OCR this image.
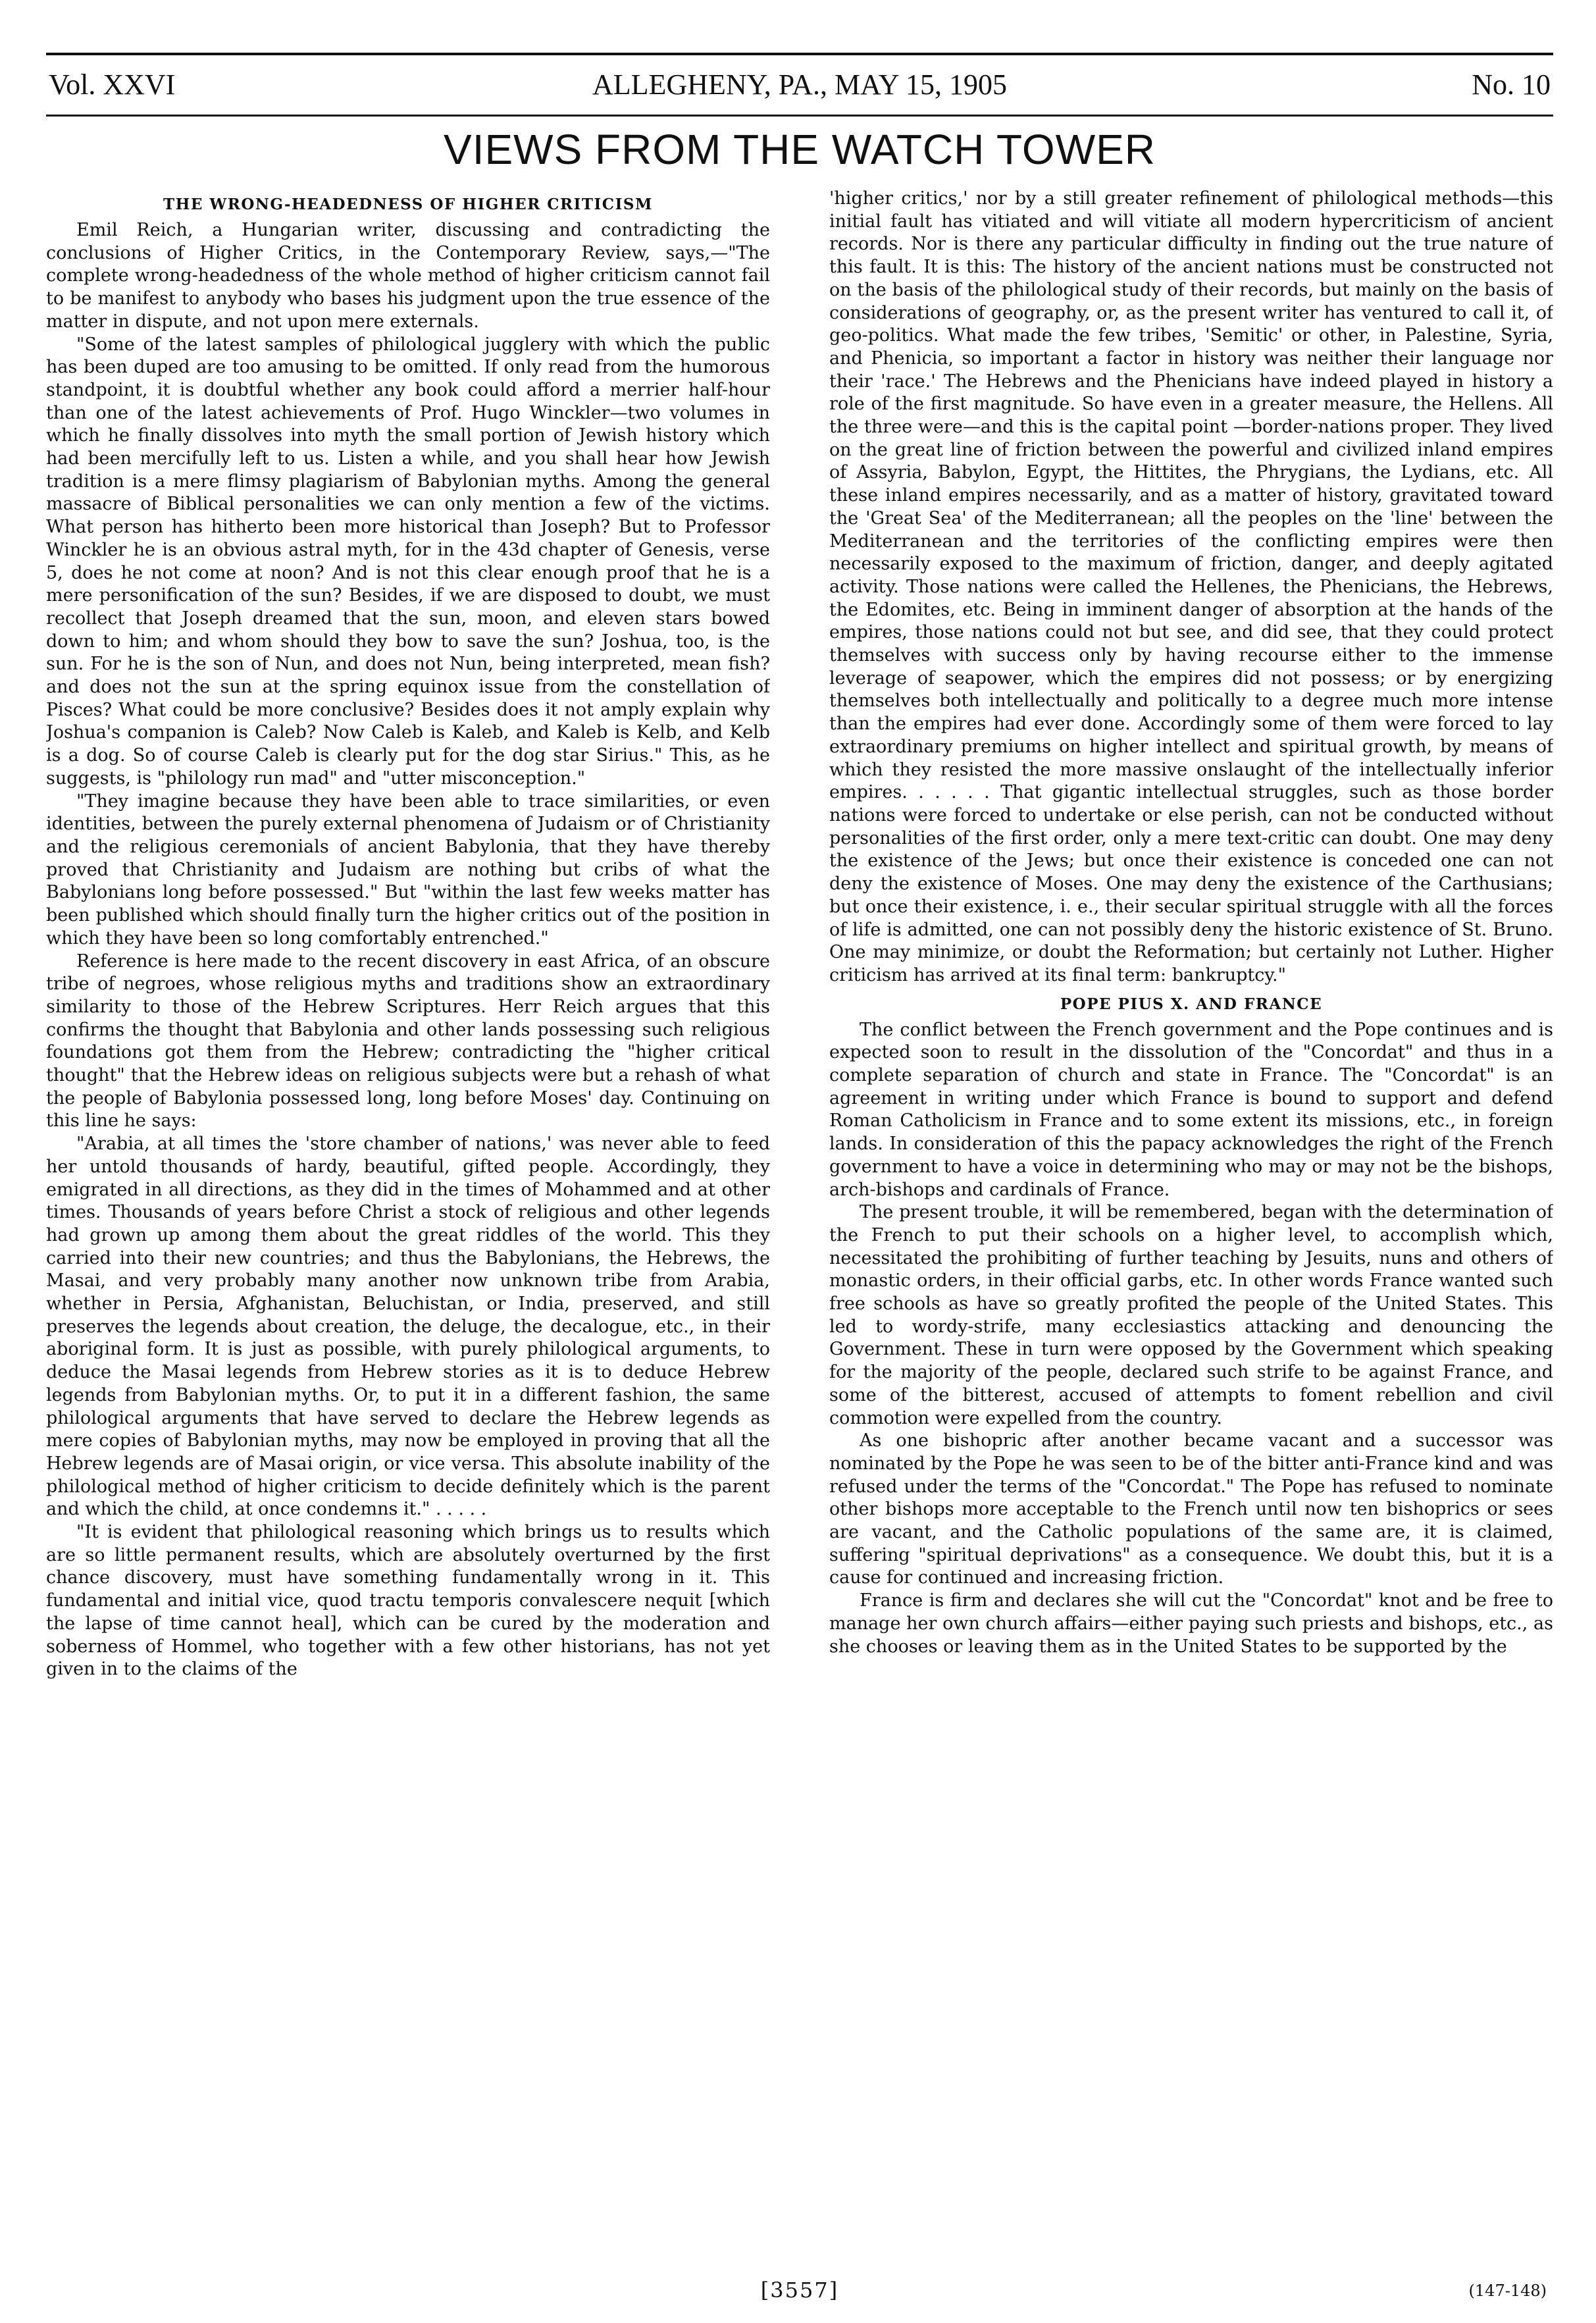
Vol. XXVI	ALLEGHENY, PA., MAY 15, 1905	No. 10
VIEWS FROM THE WATCH TOWER
THE WRONG-HEADEDNESS OF HIGHER CRITICISM

Emil Reich, a Hungarian writer, discussing and contradicting the conclusions of Higher Critics, in the Contemporary Review, says,—"The complete wrong-headedness of the whole method of higher criticism cannot fail to be manifest to anybody who bases his judgment upon the true essence of the matter in dispute, and not upon mere externals.

"Some of the latest samples of philological jugglery with which the public has been duped are too amusing to be omitted. If only read from the humorous standpoint, it is doubtful whether any book could afford a merrier half-hour than one of the latest achievements of Prof. Hugo Winckler—two volumes in which he finally dissolves into myth the small portion of Jewish history which had been mercifully left to us. Listen a while, and you shall hear how Jewish tradition is a mere flimsy plagiarism of Babylonian myths. Among the general massacre of Biblical personalities we can only mention a few of the victims. What person has hitherto been more historical than Joseph? But to Professor Winckler he is an obvious astral myth, for in the 43d chapter of Genesis, verse 5, does he not come at noon? And is not this clear enough proof that he is a mere personification of the sun? Besides, if we are disposed to doubt, we must recollect that Joseph dreamed that the sun, moon, and eleven stars bowed down to him; and whom should they bow to save the sun? Joshua, too, is the sun. For he is the son of Nun, and does not Nun, being interpreted, mean fish? and does not the sun at the spring equinox issue from the constellation of Pisces? What could be more conclusive? Besides does it not amply explain why Joshua's companion is Caleb? Now Caleb is Kaleb, and Kaleb is Kelb, and Kelb is a dog. So of course Caleb is clearly put for the dog star Sirius." This, as he suggests, is "philology run mad" and "utter misconception."

"They imagine because they have been able to trace similarities, or even identities, between the purely external phenomena of Judaism or of Christianity and the religious ceremonials of ancient Babylonia, that they have thereby proved that Christianity and Judaism are nothing but cribs of what the Babylonians long before possessed." But "within the last few weeks matter has been published which should finally turn the higher critics out of the position in which they have been so long comfortably entrenched."

Reference is here made to the recent discovery in east Africa, of an obscure tribe of negroes, whose religious myths and traditions show an extraordinary similarity to those of the Hebrew Scriptures. Herr Reich argues that this confirms the thought that Babylonia and other lands possessing such religious foundations got them from the Hebrew; contradicting the "higher critical thought" that the Hebrew ideas on religious subjects were but a rehash of what the people of Babylonia possessed long, long before Moses' day. Continuing on this line he says:

"Arabia, at all times the 'store chamber of nations,' was never able to feed her untold thousands of hardy, beautiful, gifted people. Accordingly, they emigrated in all directions, as they did in the times of Mohammed and at other times. Thousands of years before Christ a stock of religious and other legends had grown up among them about the great riddles of the world. This they carried into their new countries; and thus the Babylonians, the Hebrews, the Masai, and very probably many another now unknown tribe from Arabia, whether in Persia, Afghanistan, Beluchistan, or India, preserved, and still preserves the legends about creation, the deluge, the decalogue, etc., in their aboriginal form. It is just as possible, with purely philological arguments, to deduce the Masai legends from Hebrew stories as it is to deduce Hebrew legends from Babylonian myths. Or, to put it in a different fashion, the same philological arguments that have served to declare the Hebrew legends as mere copies of Babylonian myths, may now be employed in proving that all the Hebrew legends are of Masai origin, or vice versa. This absolute inability of the philological method of higher criticism to decide definitely which is the parent and which the child, at once condemns it." . . . . .

"It is evident that philological reasoning which brings us to results which are so little permanent results, which are absolutely overturned by the first chance discovery, must have something fundamentally wrong in it. This fundamental and initial vice, quod tractu temporis convalescere nequit [which the lapse of time cannot heal], which can be cured by the moderation and soberness of Hommel, who together with a few other historians, has not yet given in to the claims of the

'higher critics,' nor by a still greater refinement of philological methods—this initial fault has vitiated and will vitiate all modern hypercriticism of ancient records. Nor is there any particular difficulty in finding out the true nature of this fault. It is this: The history of the ancient nations must be constructed not on the basis of the philological study of their records, but mainly on the basis of considerations of geography, or, as the present writer has ventured to call it, of geo-politics. What made the few tribes, 'Semitic' or other, in Palestine, Syria, and Phenicia, so important a factor in history was neither their language nor their 'race.' The Hebrews and the Phenicians have indeed played in history a role of the first magnitude. So have even in a greater measure, the Hellens. All the three were—and this is the capital point —border-nations proper. They lived on the great line of friction between the powerful and civilized inland empires of Assyria, Babylon, Egypt, the Hittites, the Phrygians, the Lydians, etc. All these inland empires necessarily, and as a matter of history, gravitated toward the 'Great Sea' of the Mediterranean; all the peoples on the 'line' between the Mediterranean and the territories of the conflicting empires were then necessarily exposed to the maximum of friction, danger, and deeply agitated activity. Those nations were called the Hellenes, the Phenicians, the Hebrews, the Edomites, etc. Being in imminent danger of absorption at the hands of the empires, those nations could not but see, and did see, that they could protect themselves with success only by having recourse either to the immense leverage of seapower, which the empires did not possess; or by energizing themselves both intellectually and politically to a degree much more intense than the empires had ever done. Accordingly some of them were forced to lay extraordinary premiums on higher intellect and spiritual growth, by means of which they resisted the more massive onslaught of the intellectually inferior empires. . . . . . That gigantic intellectual struggles, such as those border nations were forced to undertake or else perish, can not be conducted without personalities of the first order, only a mere text-critic can doubt. One may deny the existence of the Jews; but once their existence is conceded one can not deny the existence of Moses. One may deny the existence of the Carthusians; but once their existence, i. e., their secular spiritual struggle with all the forces of life is admitted, one can not possibly deny the historic existence of St. Bruno. One may minimize, or doubt the Reformation; but certainly not Luther. Higher criticism has arrived at its final term: bankruptcy."

POPE PIUS X. AND FRANCE

The conflict between the French government and the Pope continues and is expected soon to result in the dissolution of the "Concordat" and thus in a complete separation of church and state in France. The "Concordat" is an agreement in writing under which France is bound to support and defend Roman Catholicism in France and to some extent its missions, etc., in foreign lands. In consideration of this the papacy acknowledges the right of the French government to have a voice in determining who may or may not be the bishops, arch-bishops and cardinals of France.

The present trouble, it will be remembered, began with the determination of the French to put their schools on a higher level, to accomplish which, necessitated the prohibiting of further teaching by Jesuits, nuns and others of monastic orders, in their official garbs, etc. In other words France wanted such free schools as have so greatly profited the people of the United States. This led to wordy-strife, many ecclesiastics attacking and denouncing the Government. These in turn were opposed by the Government which speaking for the majority of the people, declared such strife to be against France, and some of the bitterest, accused of attempts to foment rebellion and civil commotion were expelled from the country.

As one bishopric after another became vacant and a successor was nominated by the Pope he was seen to be of the bitter anti-France kind and was refused under the terms of the "Concordat." The Pope has refused to nominate other bishops more acceptable to the French until now ten bishoprics or sees are vacant, and the Catholic populations of the same are, it is claimed, suffering "spiritual deprivations" as a consequence. We doubt this, but it is a cause for continued and increasing friction.

France is firm and declares she will cut the "Concordat" knot and be free to manage her own church affairs—either paying such priests and bishops, etc., as she chooses or leaving them as in the United States to be supported by the

[3557]	(147-148)
